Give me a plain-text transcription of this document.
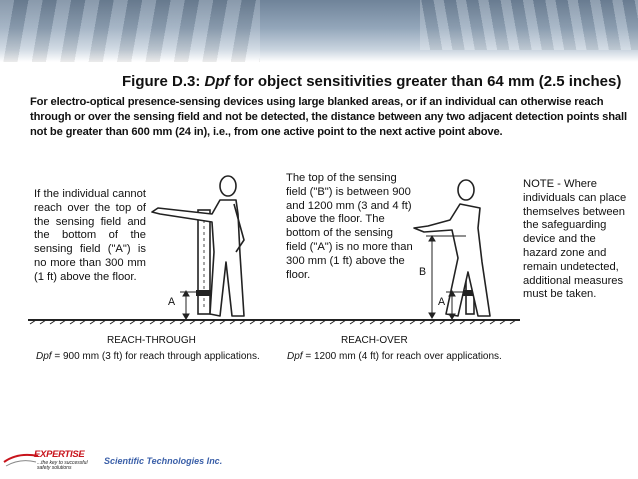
Figure D.3: Dpf for object sensitivities greater than 64 mm (2.5 inches)
For electro-optical presence-sensing devices using large blanked areas, or if an individual can otherwise reach through or over the sensing field and not be detected, the distance between any two adjacent detection points shall not be greater than 600 mm (24 in), i.e., from one active point to the next active point above.
If the individual cannot reach over the top of the sensing field and the bottom of the sensing field ("A") is no more than 300 mm (1 ft) above the floor.
The top of the sensing field ("B") is between 900 and 1200 mm (3 and 4 ft) above the floor. The bottom of the sensing field ("A") is no more than 300 mm (1 ft) above the floor.
NOTE - Where individuals can place themselves between the safeguarding device and the hazard zone and remain undetected, additional measures must be taken.
A	A
B
REACH-THROUGH
Dpf = 900 mm (3 ft) for reach through applications.
REACH-OVER
Dpf = 1200 mm (4 ft) for reach over applications.
EXPERTISE
...the key to successful safety solutions
Scientific Technologies Inc.
